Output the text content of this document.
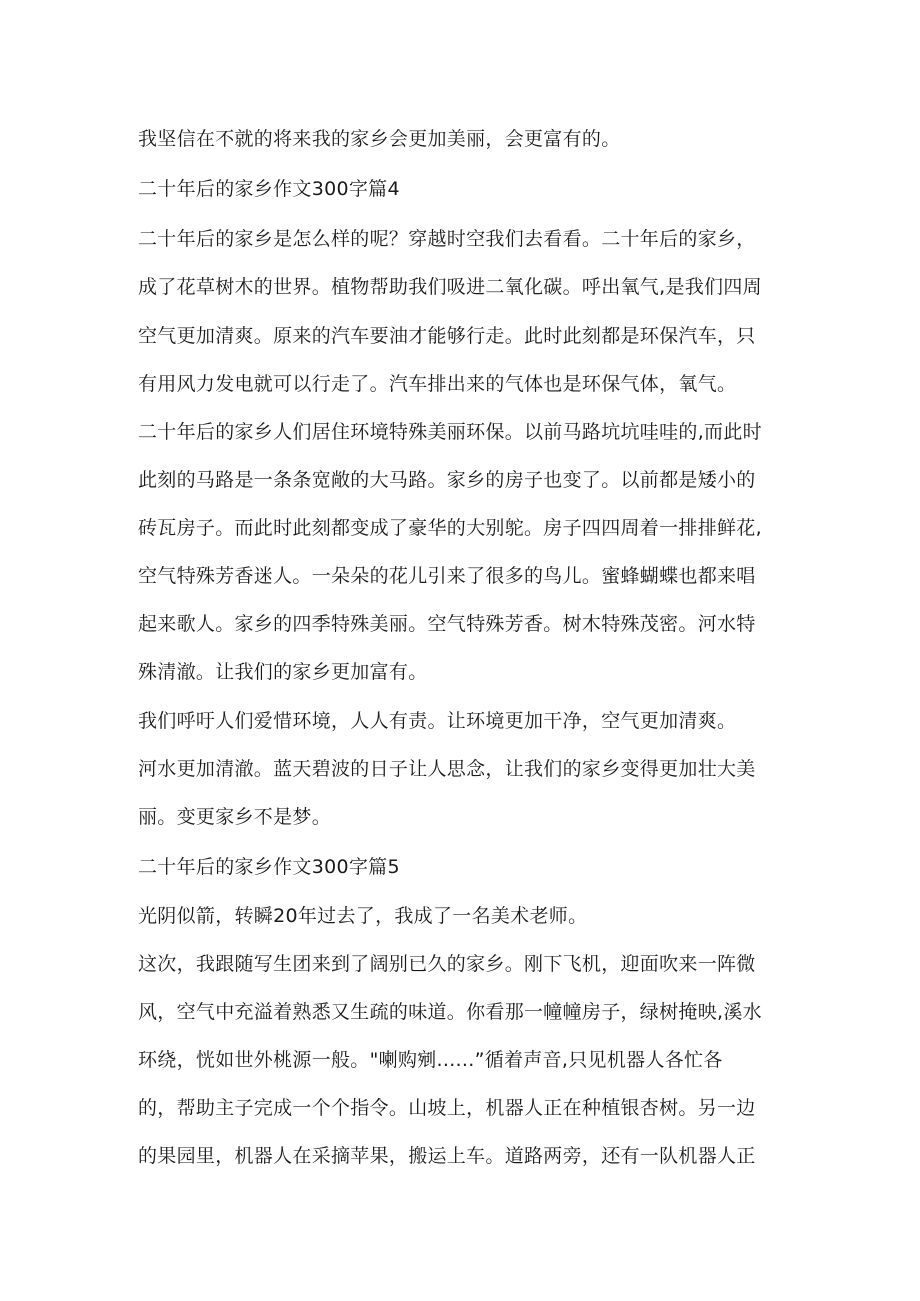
我坚信在不就的将来我的家乡会更加美丽，会更富有的。
二十年后的家乡作文300字篇4
二十年后的家乡是怎么样的呢？穿越时空我们去看看。二十年后的家乡，
成了花草树木的世界。植物帮助我们吸进二氧化碳。呼出氧气,是我们四周
空气更加清爽。原来的汽车要油才能够行走。此时此刻都是环保汽车，只
有用风力发电就可以行走了。汽车排出来的气体也是环保气体，氧气。
二十年后的家乡人们居住环境特殊美丽环保。以前马路坑坑哇哇的,而此时
此刻的马路是一条条宽敞的大马路。家乡的房子也变了。以前都是矮小的
砖瓦房子。而此时此刻都变成了豪华的大别鸵。房子四四周着一排排鲜花,
空气特殊芳香迷人。一朵朵的花儿引来了很多的鸟儿。蜜蜂蝴蝶也都来唱
起来歌人。家乡的四季特殊美丽。空气特殊芳香。树木特殊茂密。河水特
殊清澈。让我们的家乡更加富有。
我们呼吁人们爱惜环境，人人有责。让环境更加干净，空气更加清爽。
河水更加清澈。蓝天碧波的日子让人思念，让我们的家乡变得更加壮大美
丽。变更家乡不是梦。
二十年后的家乡作文300字篇5
光阴似箭，转瞬20年过去了，我成了一名美术老师。
这次，我跟随写生团来到了阔别已久的家乡。刚下飞机，迎面吹来一阵微
风，空气中充溢着熟悉又生疏的味道。你看那一幢幢房子，绿树掩映,溪水
环绕，恍如世外桃源一般。"喇购剜......”循着声音,只见机器人各忙各
的，帮助主子完成一个个指令。山坡上，机器人正在种植银杏树。另一边
的果园里，机器人在采摘苹果，搬运上车。道路两旁，还有一队机器人正
